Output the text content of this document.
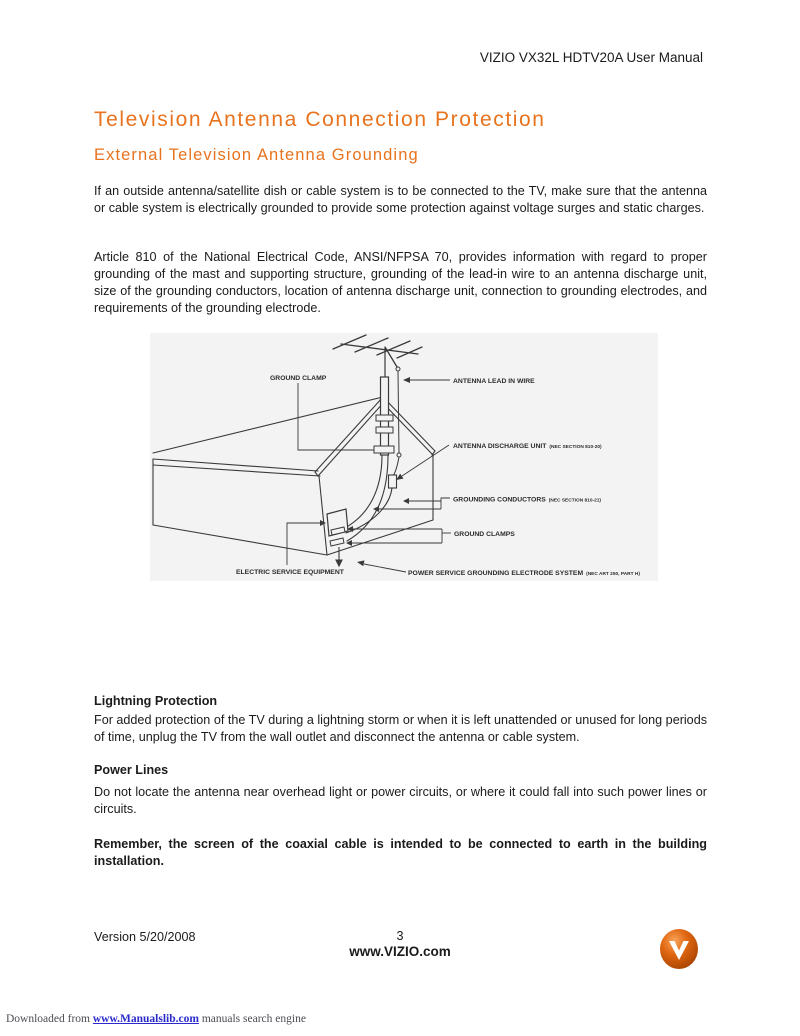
VIZIO VX32L HDTV20A User Manual
Television Antenna Connection Protection
External Television Antenna Grounding

If an outside antenna/satellite dish or cable system is to be connected to the TV, make sure that the antenna or cable system is electrically grounded to provide some protection against voltage surges and static charges.

Article 810 of the National Electrical Code, ANSI/NFPSA 70, provides information with regard to proper grounding of the mast and supporting structure, grounding of the lead-in wire to an antenna discharge unit, size of the grounding conductors, location of antenna discharge unit, connection to grounding electrodes, and requirements of the grounding electrode.

GROUND CLAMP	ANTENNA LEAD IN WIRE
ANTENNA DISCHARGE UNIT (NEC SECTION 810-20)
GROUNDING CONDUCTORS (NEC SECTION 810-21)
GROUND CLAMPS
POWER SERVICE GROUNDING ELECTRODE SYSTEM (NEC ART 250, PART H)
ELECTRIC SERVICE EQUIPMENT
Lightning Protection

For added protection of the TV during a lightning storm or when it is left unattended or unused for long periods of time, unplug the TV from the wall outlet and disconnect the antenna or cable system.

Power Lines

Do not locate the antenna near overhead light or power circuits, or where it could fall into such power lines or circuits.

Remember, the screen of the coaxial cable is intended to be connected to earth in the building installation.

Version 5/20/2008	3
www.VIZIO.com
Downloaded from www.Manualslib.com manuals search engine
